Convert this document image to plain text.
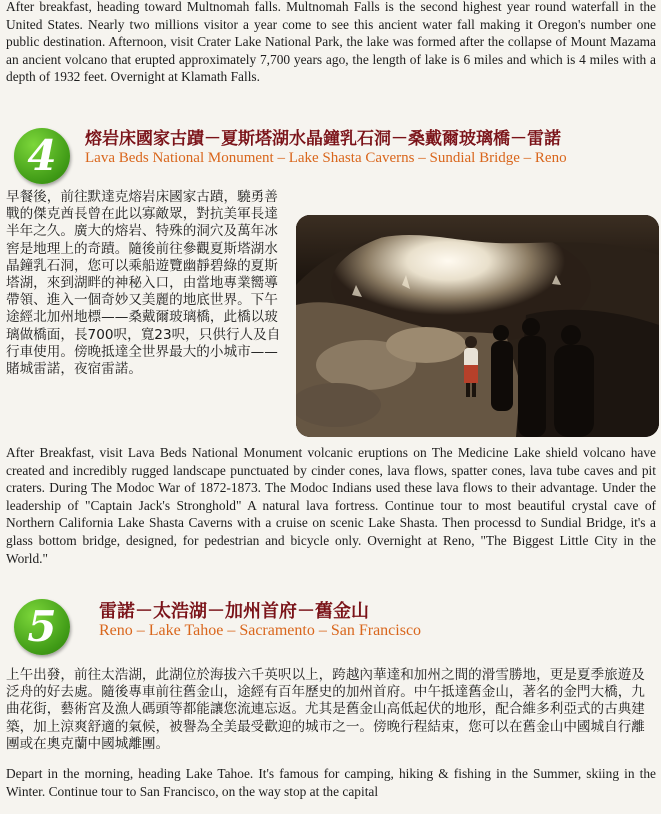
After breakfast, heading toward Multnomah falls. Multnomah Falls is the second highest year round waterfall in the United States. Nearly two millions visitor a year come to see this ancient water fall making it Oregon's number one public destination. Afternoon, visit Crater Lake National Park, the lake was formed after the collapse of Mount Mazama an ancient volcano that erupted approximately 7,700 years ago, the length of lake is 6 miles and which is 4 miles with a depth of 1932 feet. Overnight at Klamath Falls.

4	熔岩床國家古蹟－夏斯塔湖水晶鐘乳石洞－桑戴爾玻璃橋－雷諾

Lava Beds National Monument – Lake Shasta Caverns – Sundial Bridge – Reno

早餐後，前往默達克熔岩床國家古蹟，驍勇善戰的傑克酋長曾在此以寡敵眾，對抗美軍長達半年之久。廣大的熔岩、特殊的洞穴及萬年冰窖是地理上的奇蹟。隨後前往參觀夏斯塔湖水晶鐘乳石洞，您可以乘船遊覽幽靜碧綠的夏斯塔湖，來到湖畔的神秘入口，由當地專業嚮導帶領、進入一個奇妙又美麗的地底世界。下午途經北加州地標——桑戴爾玻璃橋，此橋以玻璃做橋面，長700呎，寬23呎，只供行人及自行車使用。傍晚抵達全世界最大的小城市——賭城雷諾，夜宿雷諾。

After Breakfast, visit Lava Beds National Monument volcanic eruptions on The Medicine Lake shield volcano have created and incredibly rugged landscape punctuated by cinder cones, lava flows, spatter cones, lava tube caves and pit craters. During The Modoc War of 1872-1873. The Modoc Indians used these lava flows to their advantage. Under the leadership of "Captain Jack's Stronghold" A natural lava fortress. Continue tour to most beautiful crystal cave of Northern California Lake Shasta Caverns with a cruise on scenic Lake Shasta. Then processd to Sundial Bridge, it's a glass bottom bridge, designed, for pedestrian and bicycle only. Overnight at Reno, "The Biggest Little City in the World."

5	雷諾－太浩湖－加州首府－舊金山

Reno – Lake Tahoe – Sacramento – San Francisco

上午出發，前往太浩湖，此湖位於海拔六千英呎以上，跨越內華達和加州之間的滑雪勝地，更是夏季旅遊及泛舟的好去處。隨後專車前往舊金山，途經有百年歷史的加州首府。中午抵達舊金山，著名的金門大橋，九曲花街，藝術宮及漁人碼頭等都能讓您流連忘返。尤其是舊金山高低起伏的地形，配合維多利亞式的古典建築，加上涼爽舒適的氣候，被譽為全美最受歡迎的城市之一。傍晚行程結束，您可以在舊金山中國城自行離團或在奧克蘭中國城離團。

Depart in the morning, heading Lake Tahoe. It's famous for camping, hiking & fishing in the Summer, skiing in the Winter. Continue tour to San Francisco, on the way stop at the capital
